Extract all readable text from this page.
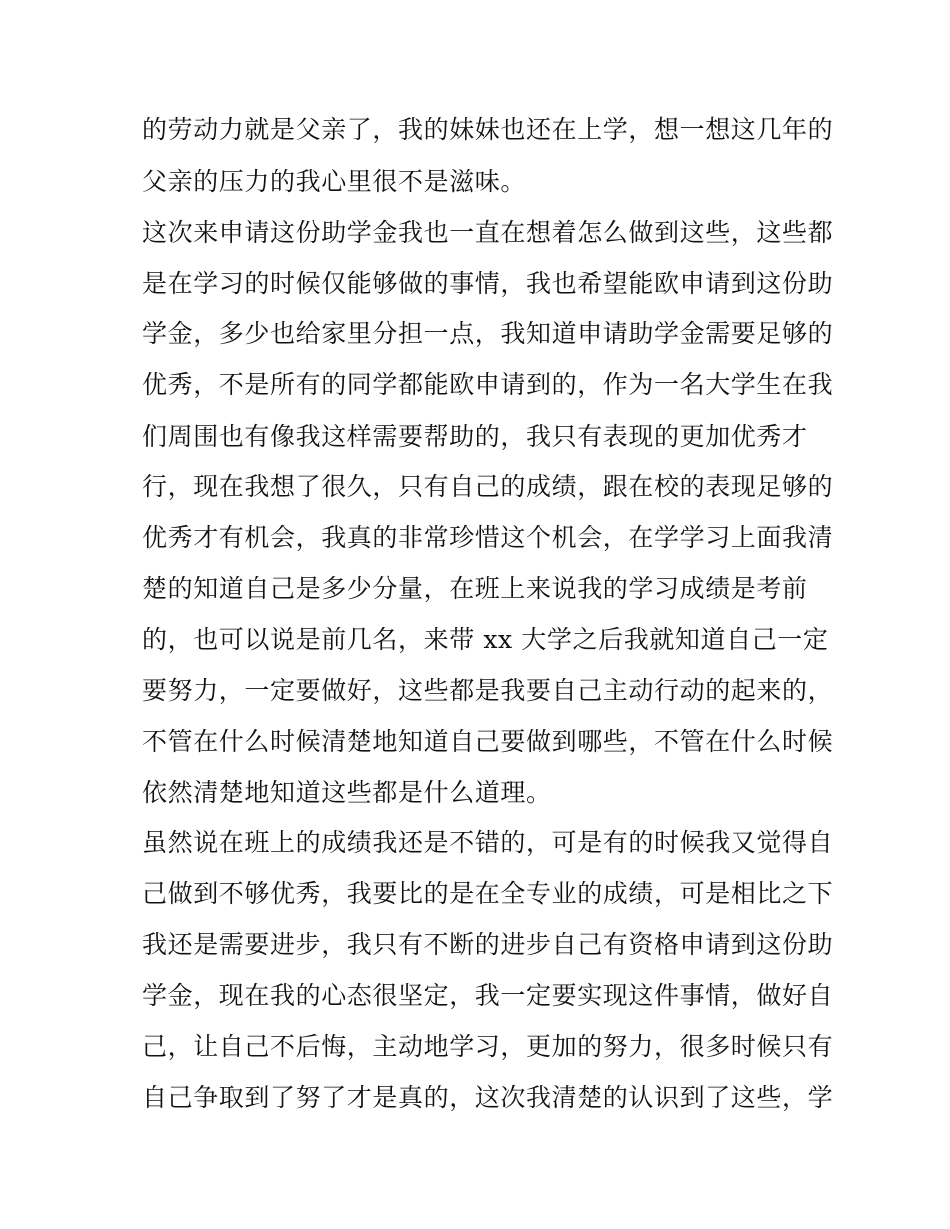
的劳动力就是父亲了，我的妹妹也还在上学，想一想这几年的
父亲的压力的我心里很不是滋味。
这次来申请这份助学金我也一直在想着怎么做到这些，这些都
是在学习的时候仅能够做的事情，我也希望能欧申请到这份助
学金，多少也给家里分担一点，我知道申请助学金需要足够的
优秀，不是所有的同学都能欧申请到的，作为一名大学生在我
们周围也有像我这样需要帮助的，我只有表现的更加优秀才
行，现在我想了很久，只有自己的成绩，跟在校的表现足够的
优秀才有机会，我真的非常珍惜这个机会，在学学习上面我清
楚的知道自己是多少分量，在班上来说我的学习成绩是考前
的，也可以说是前几名，来带 xx 大学之后我就知道自己一定
要努力，一定要做好，这些都是我要自己主动行动的起来的，
不管在什么时候清楚地知道自己要做到哪些，不管在什么时候
依然清楚地知道这些都是什么道理。
虽然说在班上的成绩我还是不错的，可是有的时候我又觉得自
己做到不够优秀，我要比的是在全专业的成绩，可是相比之下
我还是需要进步，我只有不断的进步自己有资格申请到这份助
学金，现在我的心态很坚定，我一定要实现这件事情，做好自
己，让自己不后悔，主动地学习，更加的努力，很多时候只有
自己争取到了努了才是真的，这次我清楚的认识到了这些，学
